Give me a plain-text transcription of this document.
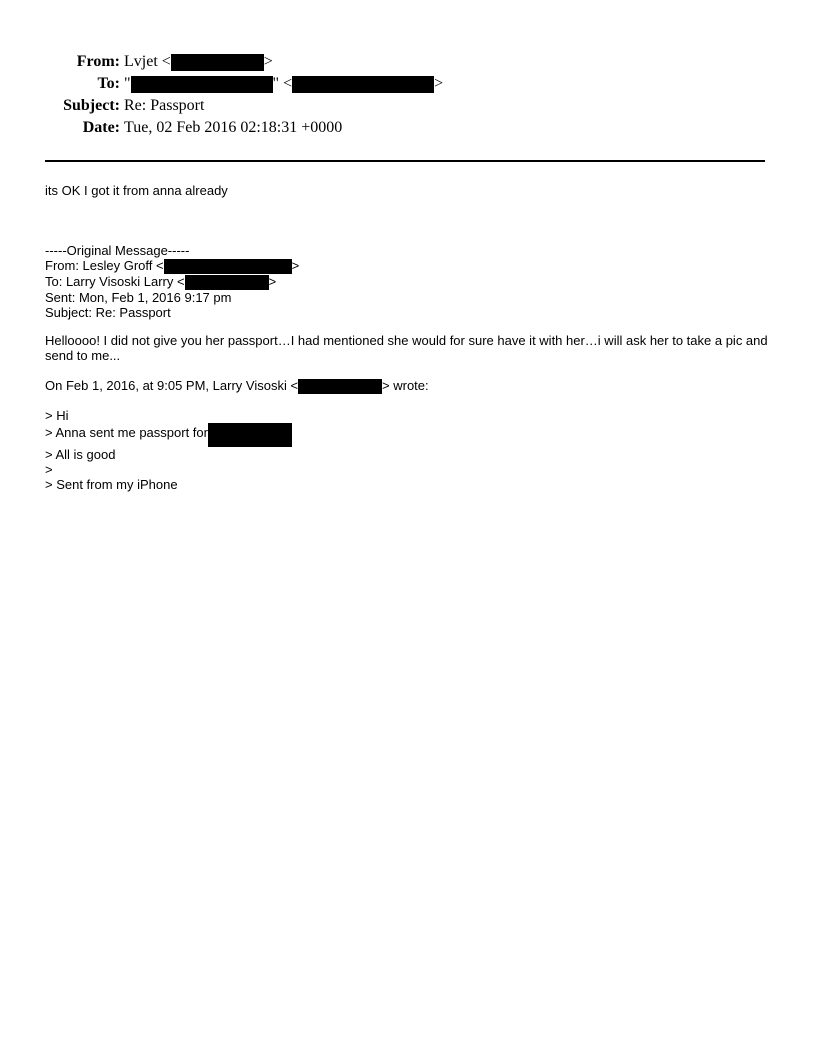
From: Lvjet <	>
To: "	" <	>
Subject: Re: Passport
Date: Tue, 02 Feb 2016 02:18:31 +0000
its OK I got it from anna already
-----Original Message-----
From: Lesley Groff <	>
To: Larry Visoski Larry <	>
Sent: Mon, Feb 1, 2016 9:17 pm
Subject: Re: Passport
Helloooo! I did not give you her passport…I had mentioned she would for sure have it with her…i will ask her to take a pic and send to me...
On Feb 1, 2016, at 9:05 PM, Larry Visoski <	> wrote:
> Hi
> Anna sent me passport for
> All is good
>
> Sent from my iPhone
